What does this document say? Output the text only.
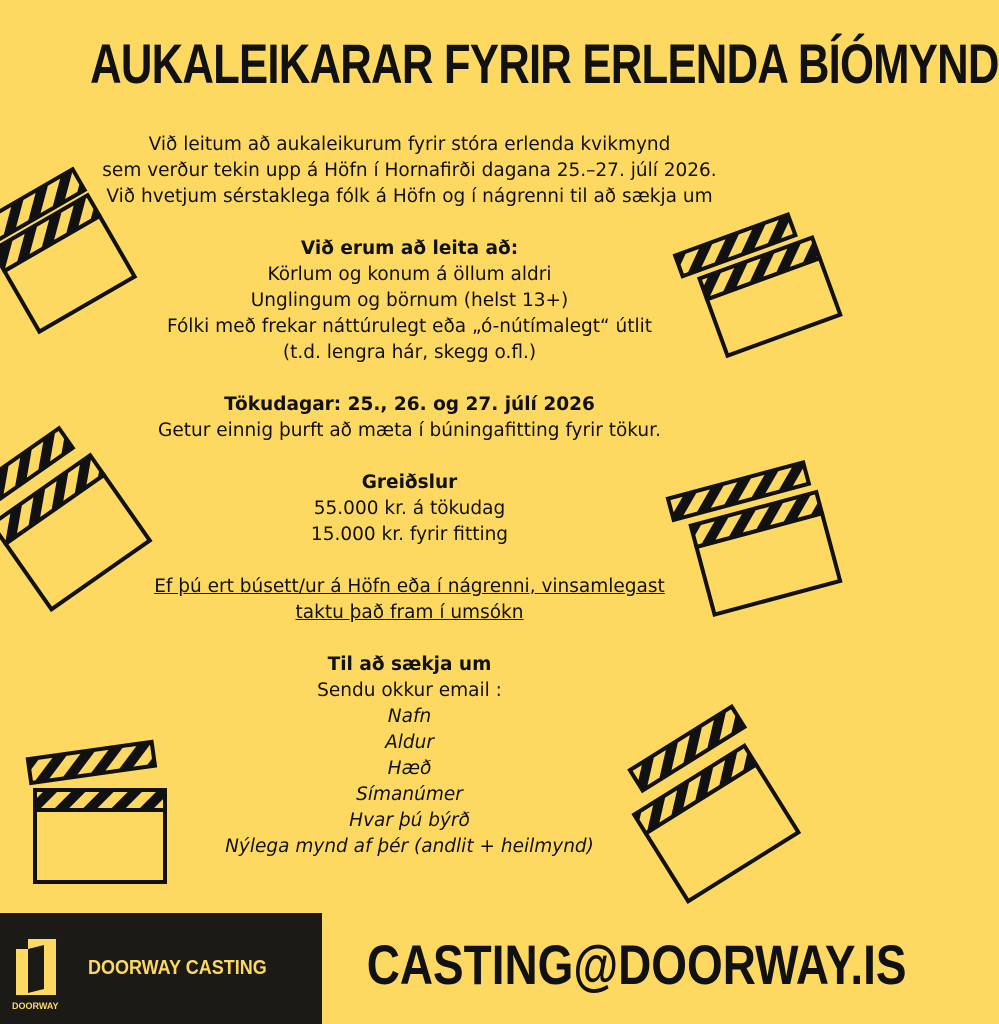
AUKALEIKARAR FYRIR ERLENDA BÍÓMYND
Við leitum að aukaleikurum fyrir stóra erlenda kvikmynd
sem verður tekin upp á Höfn í Hornafirði dagana 25.–27. júlí 2026.
Við hvetjum sérstaklega fólk á Höfn og í nágrenni til að sækja um
Við erum að leita að:
Körlum og konum á öllum aldri
Unglingum og börnum (helst 13+)
Fólki með frekar náttúrulegt eða „ó-nútímalegt“ útlit
(t.d. lengra hár, skegg o.fl.)
Tökudagar: 25., 26. og 27. júlí 2026
Getur einnig þurft að mæta í búningafitting fyrir tökur.
Greiðslur
55.000 kr. á tökudag
15.000 kr. fyrir fitting
Ef þú ert búsett/ur á Höfn eða í nágrenni, vinsamlegast
taktu það fram í umsókn
Til að sækja um
Sendu okkur email :
Nafn
Aldur
Hæð
Símanúmer
Hvar þú býrð
Nýlega mynd af þér (andlit + heilmynd)
DOORWAY
DOORWAY CASTING CASTING@DOORWAY.IS
